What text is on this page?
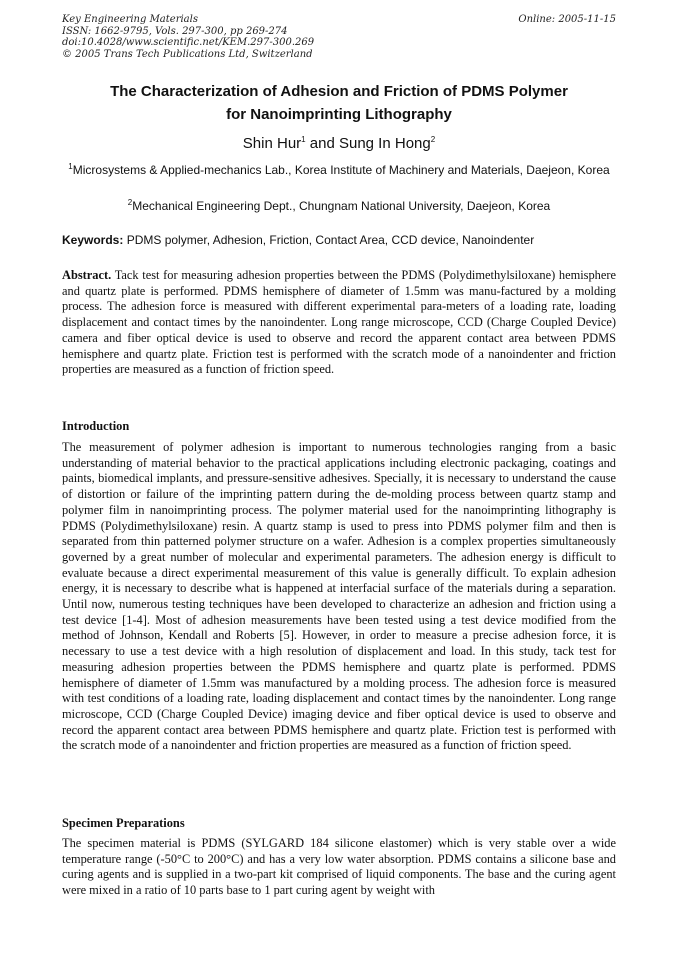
Key Engineering Materials
ISSN: 1662-9795, Vols. 297-300, pp 269-274
doi:10.4028/www.scientific.net/KEM.297-300.269
© 2005 Trans Tech Publications Ltd, Switzerland
Online: 2005-11-15
The Characterization of Adhesion and Friction of PDMS Polymer
for Nanoimprinting Lithography
Shin Hur$^1$ and Sung In Hong$^2$
$^1$Microsystems & Applied-mechanics Lab., Korea Institute of Machinery and Materials, Daejeon, Korea
$^2$Mechanical Engineering Dept., Chungnam National University, Daejeon, Korea
Keywords: PDMS polymer, Adhesion, Friction, Contact Area, CCD device, Nanoindenter

Abstract. Tack test for measuring adhesion properties between the PDMS (Polydimethylsiloxane) hemisphere and quartz plate is performed. PDMS hemisphere of diameter of 1.5mm was manu-factured by a molding process. The adhesion force is measured with different experimental para-meters of a loading rate, loading displacement and contact times by the nanoindenter. Long range microscope, CCD (Charge Coupled Device) camera and fiber optical device is used to observe and record the apparent contact area between PDMS hemisphere and quartz plate. Friction test is performed with the scratch mode of a nanoindenter and friction properties are measured as a function of friction speed.

Introduction

The measurement of polymer adhesion is important to numerous technologies ranging from a basic understanding of material behavior to the practical applications including electronic packaging, coatings and paints, biomedical implants, and pressure-sensitive adhesives. Specially, it is necessary to understand the cause of distortion or failure of the imprinting pattern during the de-molding process between quartz stamp and polymer film in nanoimprinting process. The polymer material used for the nanoimprinting lithography is PDMS (Polydimethylsiloxane) resin. A quartz stamp is used to press into PDMS polymer film and then is separated from thin patterned polymer structure on a wafer. Adhesion is a complex properties simultaneously governed by a great number of molecular and experimental parameters. The adhesion energy is difficult to evaluate because a direct experimental measurement of this value is generally difficult. To explain adhesion energy, it is necessary to describe what is happened at interfacial surface of the materials during a separation. Until now, numerous testing techniques have been developed to characterize an adhesion and friction using a test device [1-4]. Most of adhesion measurements have been tested using a test device modified from the method of Johnson, Kendall and Roberts [5]. However, in order to measure a precise adhesion force, it is necessary to use a test device with a high resolution of displacement and load. In this study, tack test for measuring adhesion properties between the PDMS hemisphere and quartz plate is performed. PDMS hemisphere of diameter of 1.5mm was manufactured by a molding process. The adhesion force is measured with test conditions of a loading rate, loading displacement and contact times by the nanoindenter. Long range microscope, CCD (Charge Coupled Device) imaging device and fiber optical device is used to observe and record the apparent contact area between PDMS hemisphere and quartz plate. Friction test is performed with the scratch mode of a nanoindenter and friction properties are measured as a function of friction speed.

Specimen Preparations

The specimen material is PDMS (SYLGARD 184 silicone elastomer) which is very stable over a wide temperature range (-50°C to 200°C) and has a very low water absorption. PDMS contains a silicone base and curing agents and is supplied in a two-part kit comprised of liquid components. The base and the curing agent were mixed in a ratio of 10 parts base to 1 part curing agent by weight with
